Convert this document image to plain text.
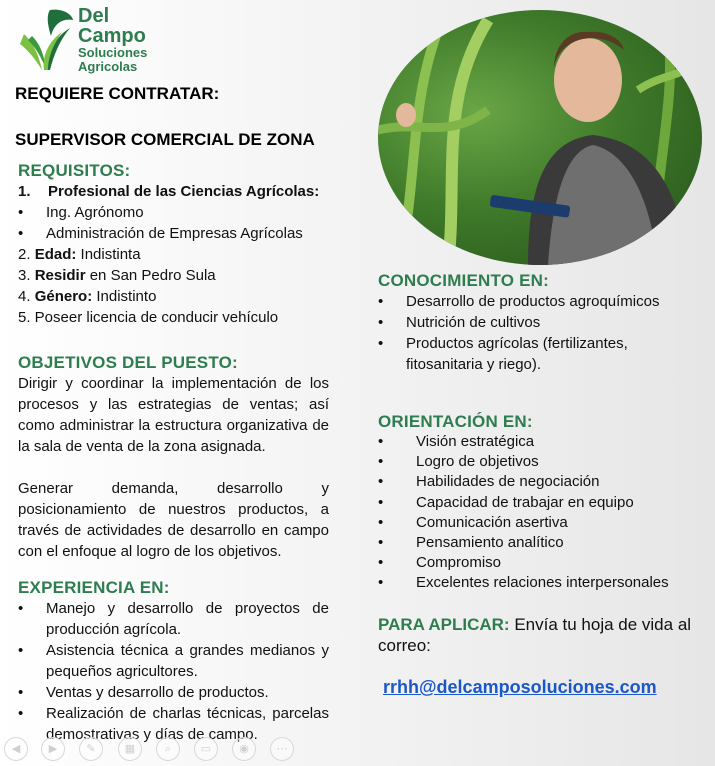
Del
Campo
Soluciones
Agricolas
REQUIERE CONTRATAR:
SUPERVISOR COMERCIAL DE ZONA
REQUISITOS:
1. Profesional de las Ciencias Agrícolas:
• Ing. Agrónomo
• Administración de Empresas Agrícolas
2. Edad: Indistinta
3. Residir en San Pedro Sula
4. Género: Indistinto
5. Poseer licencia de conducir vehículo
OBJETIVOS DEL PUESTO:
Dirigir y coordinar la implementación de los procesos y las estrategias de ventas; así como administrar la estructura organizativa de la sala de venta de la zona asignada.
Generar demanda, desarrollo y posicionamiento de nuestros productos, a través de actividades de desarrollo en campo con el enfoque al logro de los objetivos.
EXPERIENCIA EN:
• Manejo y desarrollo de proyectos de producción agrícola.
• Asistencia técnica a grandes medianos y pequeños agricultores.
• Ventas y desarrollo de productos.
• Realización de charlas técnicas, parcelas demostrativas y días de campo.
CONOCIMIENTO EN:
• Desarrollo de productos agroquímicos
• Nutrición de cultivos
• Productos agrícolas (fertilizantes, fitosanitaria y riego).
ORIENTACIÓN EN:
• Visión estratégica
• Logro de objetivos
• Habilidades de negociación
• Capacidad de trabajar en equipo
• Comunicación asertiva
• Pensamiento analítico
• Compromiso
• Excelentes relaciones interpersonales
PARA APLICAR: Envía tu hoja de vida al correo:
rrhh@delcamposoluciones.com
◀	▶	✎	▦	⌕	▭	◉	⋯
